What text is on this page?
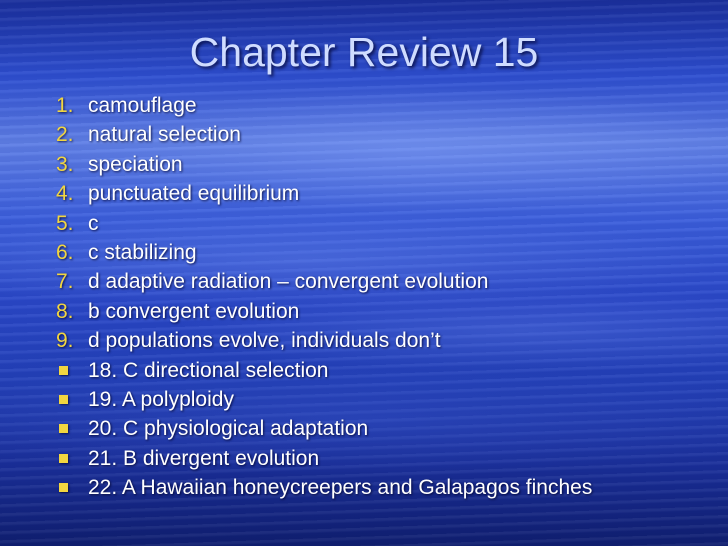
Chapter Review 15
1. camouflage
2. natural selection
3. speciation
4. punctuated equilibrium
5. c
6. c stabilizing
7. d adaptive radiation – convergent evolution
8. b convergent evolution
9. d populations evolve, individuals don’t
18. C directional selection
19. A polyploidy
20. C physiological adaptation
21. B divergent evolution
22. A Hawaiian honeycreepers and Galapagos finches
